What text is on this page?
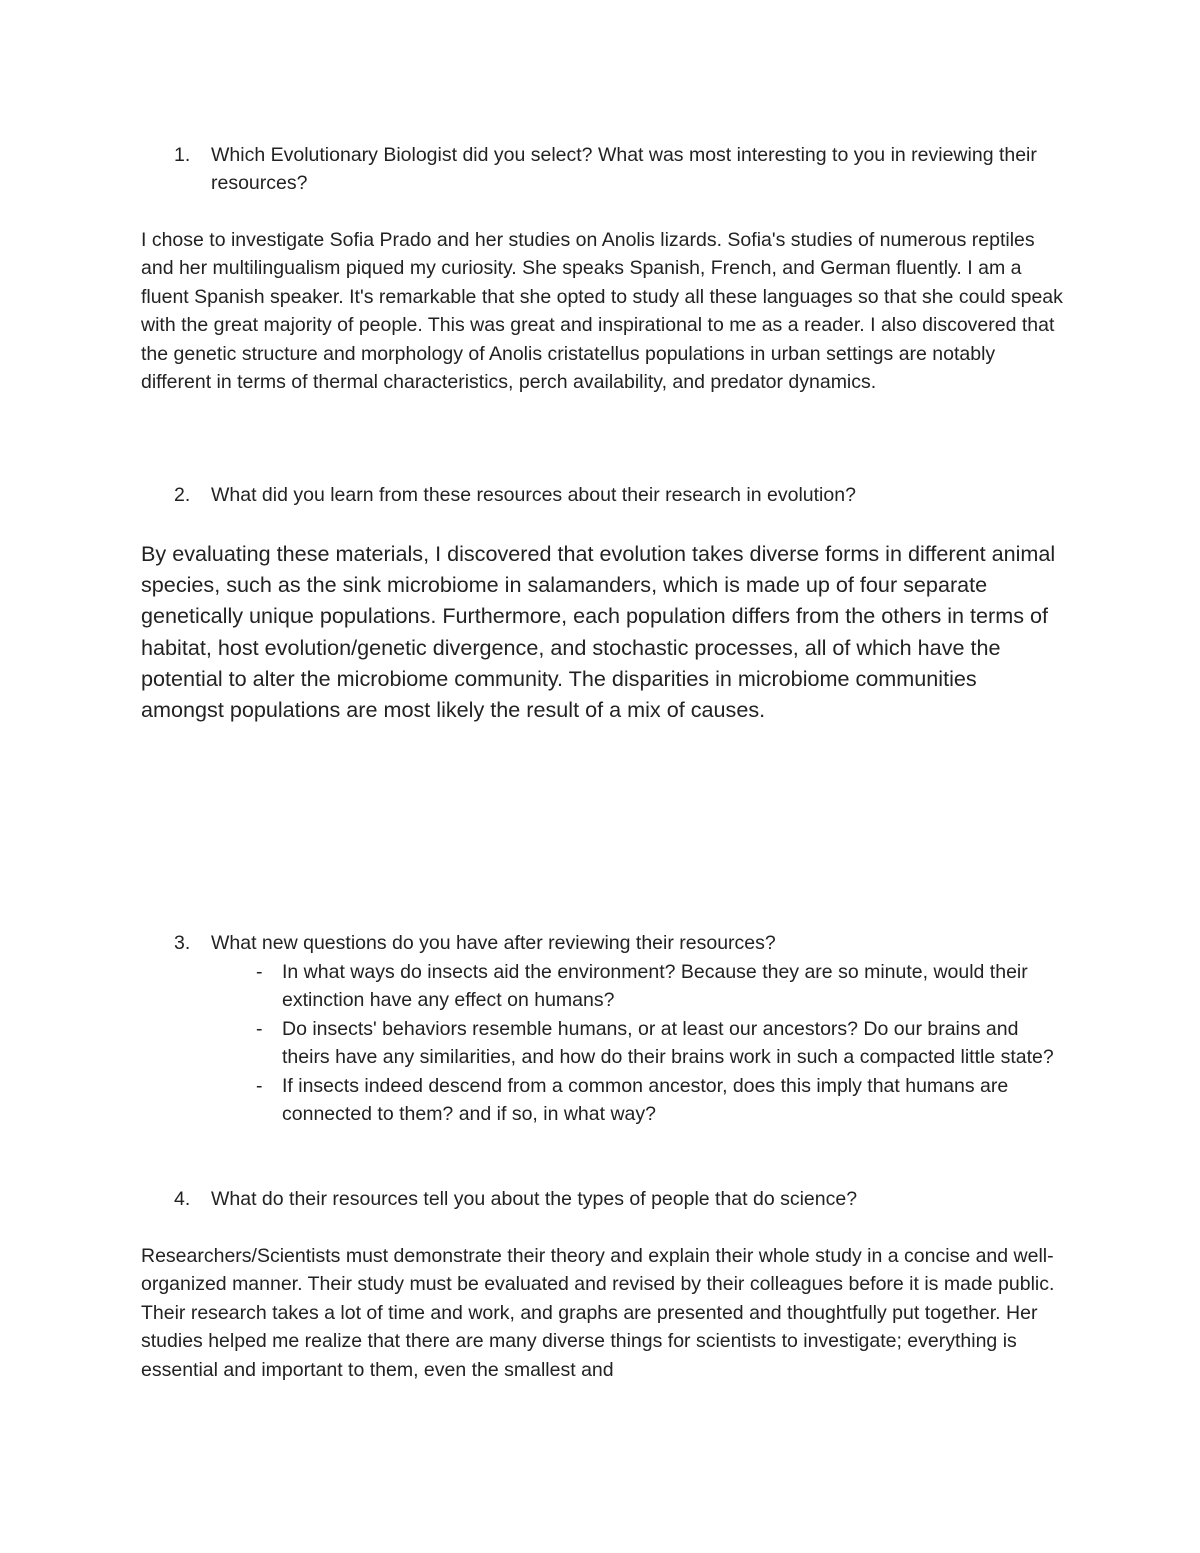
1.	Which Evolutionary Biologist did you select? What was most interesting to you in reviewing their resources?

I chose to investigate Sofia Prado and her studies on Anolis lizards. Sofia's studies of numerous reptiles and her multilingualism piqued my curiosity. She speaks Spanish, French, and German fluently. I am a fluent Spanish speaker. It's remarkable that she opted to study all these languages so that she could speak with the great majority of people. This was great and inspirational to me as a reader. I also discovered that the genetic structure and morphology of Anolis cristatellus populations in urban settings are notably different in terms of thermal characteristics, perch availability, and predator dynamics.

2.	What did you learn from these resources about their research in evolution?

By evaluating these materials, I discovered that evolution takes diverse forms in different animal species, such as the sink microbiome in salamanders, which is made up of four separate genetically unique populations. Furthermore, each population differs from the others in terms of habitat, host evolution/genetic divergence, and stochastic processes, all of which have the potential to alter the microbiome community. The disparities in microbiome communities amongst populations are most likely the result of a mix of causes.

3.	What new questions do you have after reviewing their resources?
-	In what ways do insects aid the environment? Because they are so minute, would their extinction have any effect on humans?
-	Do insects' behaviors resemble humans, or at least our ancestors? Do our brains and theirs have any similarities, and how do their brains work in such a compacted little state?
-	If insects indeed descend from a common ancestor, does this imply that humans are connected to them? and if so, in what way?
4.	What do their resources tell you about the types of people that do science?

Researchers/Scientists must demonstrate their theory and explain their whole study in a concise and well-organized manner. Their study must be evaluated and revised by their colleagues before it is made public. Their research takes a lot of time and work, and graphs are presented and thoughtfully put together. Her studies helped me realize that there are many diverse things for scientists to investigate; everything is essential and important to them, even the smallest and
